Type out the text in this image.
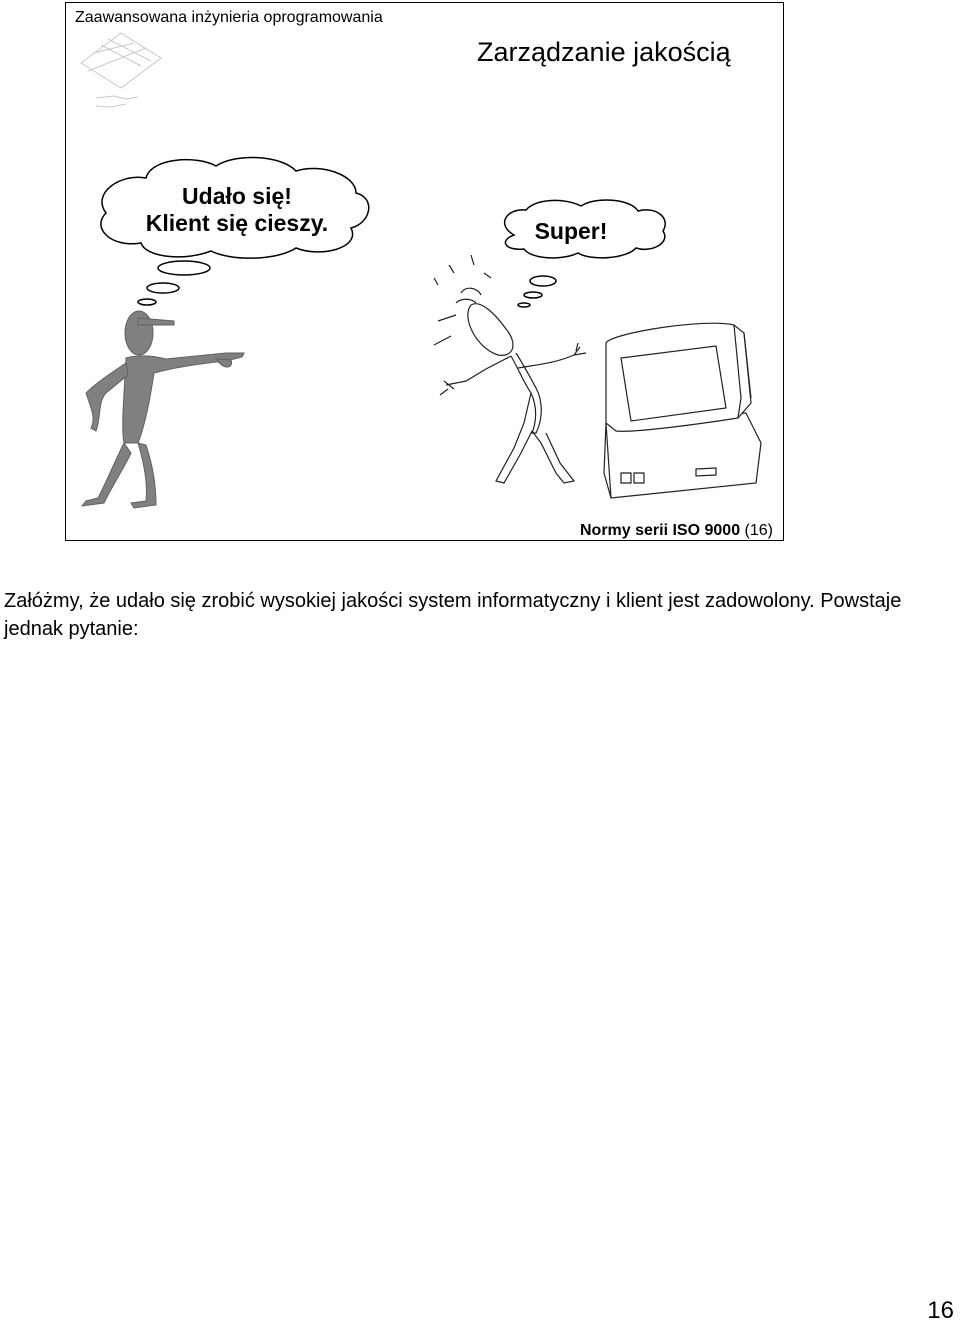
Zaawansowana inżynieria oprogramowania
Zarządzanie jakością
Udało się!
Klient się cieszy.	Super!
Normy serii ISO 9000 (16)
Załóżmy, że udało się zrobić wysokiej jakości system informatyczny i klient jest zadowolony. Powstaje jednak pytanie:
16
